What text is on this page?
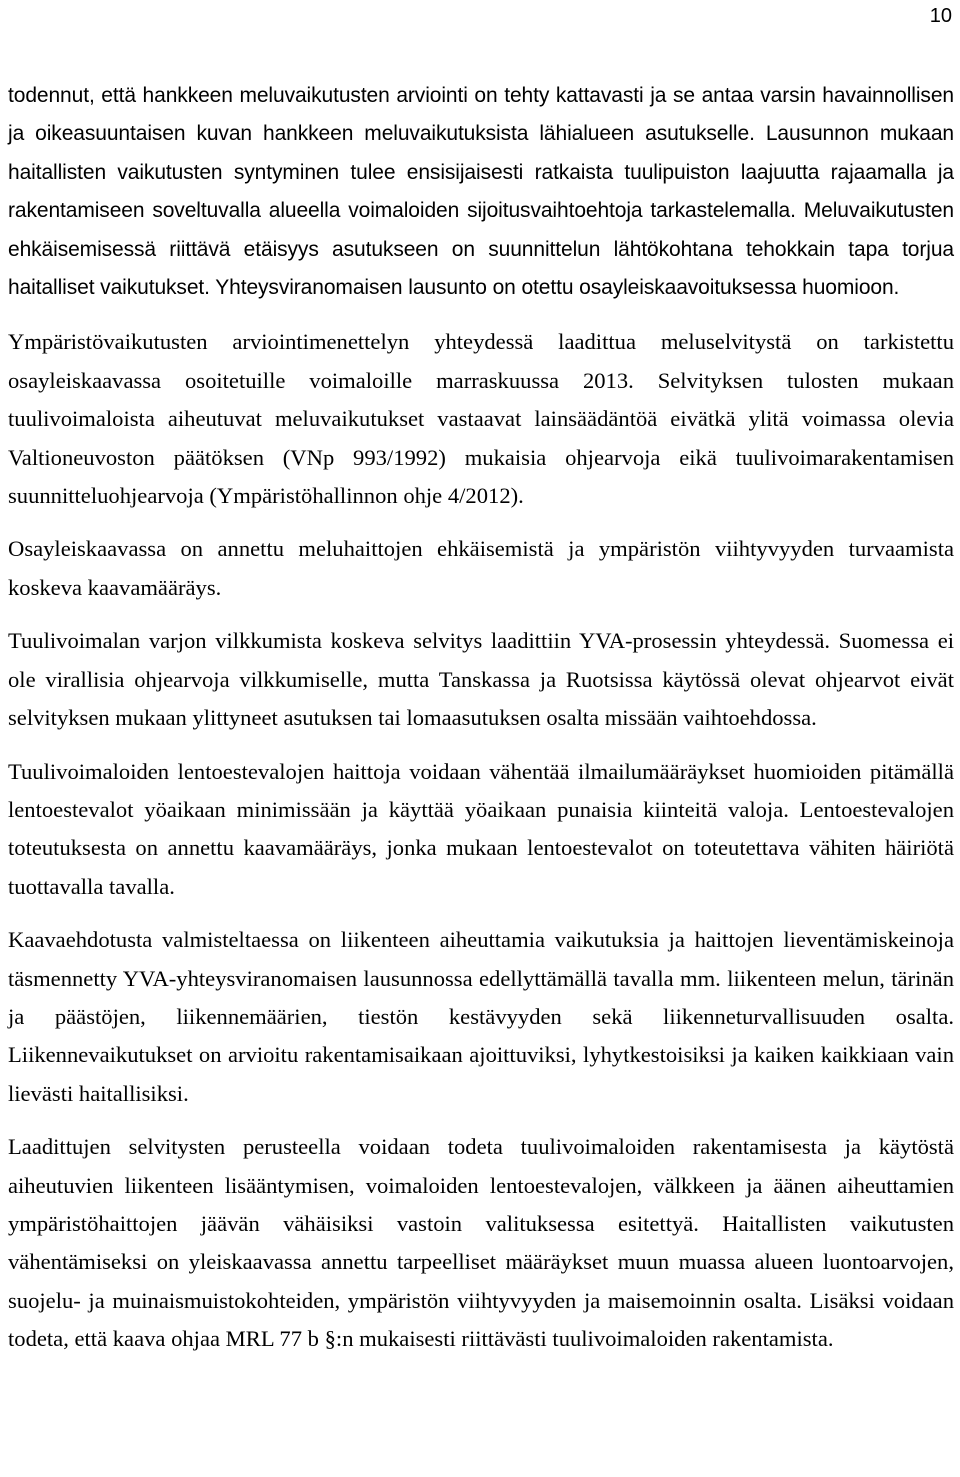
10

todennut, että hankkeen meluvaikutusten arviointi on tehty kattavasti ja se antaa varsin havainnollisen ja oikeasuuntaisen kuvan hankkeen meluvaikutuksista lähialueen asutukselle. Lausunnon mukaan haitallisten vaikutusten syntyminen tulee ensisijaisesti ratkaista tuulipuiston laajuutta rajaamalla ja rakentamiseen soveltuvalla alueella voimaloiden sijoitusvaihtoehtoja tarkastelemalla. Meluvaikutusten ehkäisemisessä riittävä etäisyys asutukseen on suunnittelun lähtökohtana tehokkain tapa torjua haitalliset vaikutukset. Yhteysviranomaisen lausunto on otettu osayleiskaavoituksessa huomioon.

Ympäristövaikutusten arviointimenettelyn yhteydessä laadittua meluselvitystä on tarkistettu osayleiskaavassa osoitetuille voimaloille marraskuussa 2013. Selvityksen tulosten mukaan tuulivoimaloista aiheutuvat meluvaikutukset vastaavat lainsäädäntöä eivätkä ylitä voimassa olevia Valtioneuvoston päätöksen (VNp 993/1992) mukaisia ohjearvoja eikä tuulivoimarakentamisen suunnitteluohjearvoja (Ympäristöhallinnon ohje 4/2012).

Osayleiskaavassa on annettu meluhaittojen ehkäisemistä ja ympäristön viihtyvyyden turvaamista koskeva kaavamääräys.

Tuulivoimalan varjon vilkkumista koskeva selvitys laadittiin YVA-prosessin yhteydessä. Suomessa ei ole virallisia ohjearvoja vilkkumiselle, mutta Tanskassa ja Ruotsissa käytössä olevat ohjearvot eivät selvityksen mukaan ylittyneet asutuksen tai lomaasutuksen osalta missään vaihtoehdossa.

Tuulivoimaloiden lentoestevalojen haittoja voidaan vähentää ilmailumääräykset huomioiden pitämällä lentoestevalot yöaikaan minimissään ja käyttää yöaikaan punaisia kiinteitä valoja. Lentoestevalojen toteutuksesta on annettu kaavamääräys, jonka mukaan lentoestevalot on toteutettava vähiten häiriötä tuottavalla tavalla.

Kaavaehdotusta valmisteltaessa on liikenteen aiheuttamia vaikutuksia ja haittojen lieventämiskeinoja täsmennetty YVA-yhteysviranomaisen lausunnossa edellyttämällä tavalla mm. liikenteen melun, tärinän ja päästöjen, liikennemäärien, tiestön kestävyyden sekä liikenneturvallisuuden osalta. Liikennevaikutukset on arvioitu rakentamisaikaan ajoittuviksi, lyhytkestoisiksi ja kaiken kaikkiaan vain lievästi haitallisiksi.

Laadittujen selvitysten perusteella voidaan todeta tuulivoimaloiden rakentamisesta ja käytöstä aiheutuvien liikenteen lisääntymisen, voimaloiden lentoestevalojen, välkkeen ja äänen aiheuttamien ympäristöhaittojen jäävän vähäisiksi vastoin valituksessa esitettyä. Haitallisten vaikutusten vähentämiseksi on yleiskaavassa annettu tarpeelliset määräykset muun muassa alueen luontoarvojen, suojelu- ja muinaismuistokohteiden, ympäristön viihtyvyyden ja maisemoinnin osalta. Lisäksi voidaan todeta, että kaava ohjaa MRL 77 b §:n mukaisesti riittävästi tuulivoimaloiden rakentamista.
